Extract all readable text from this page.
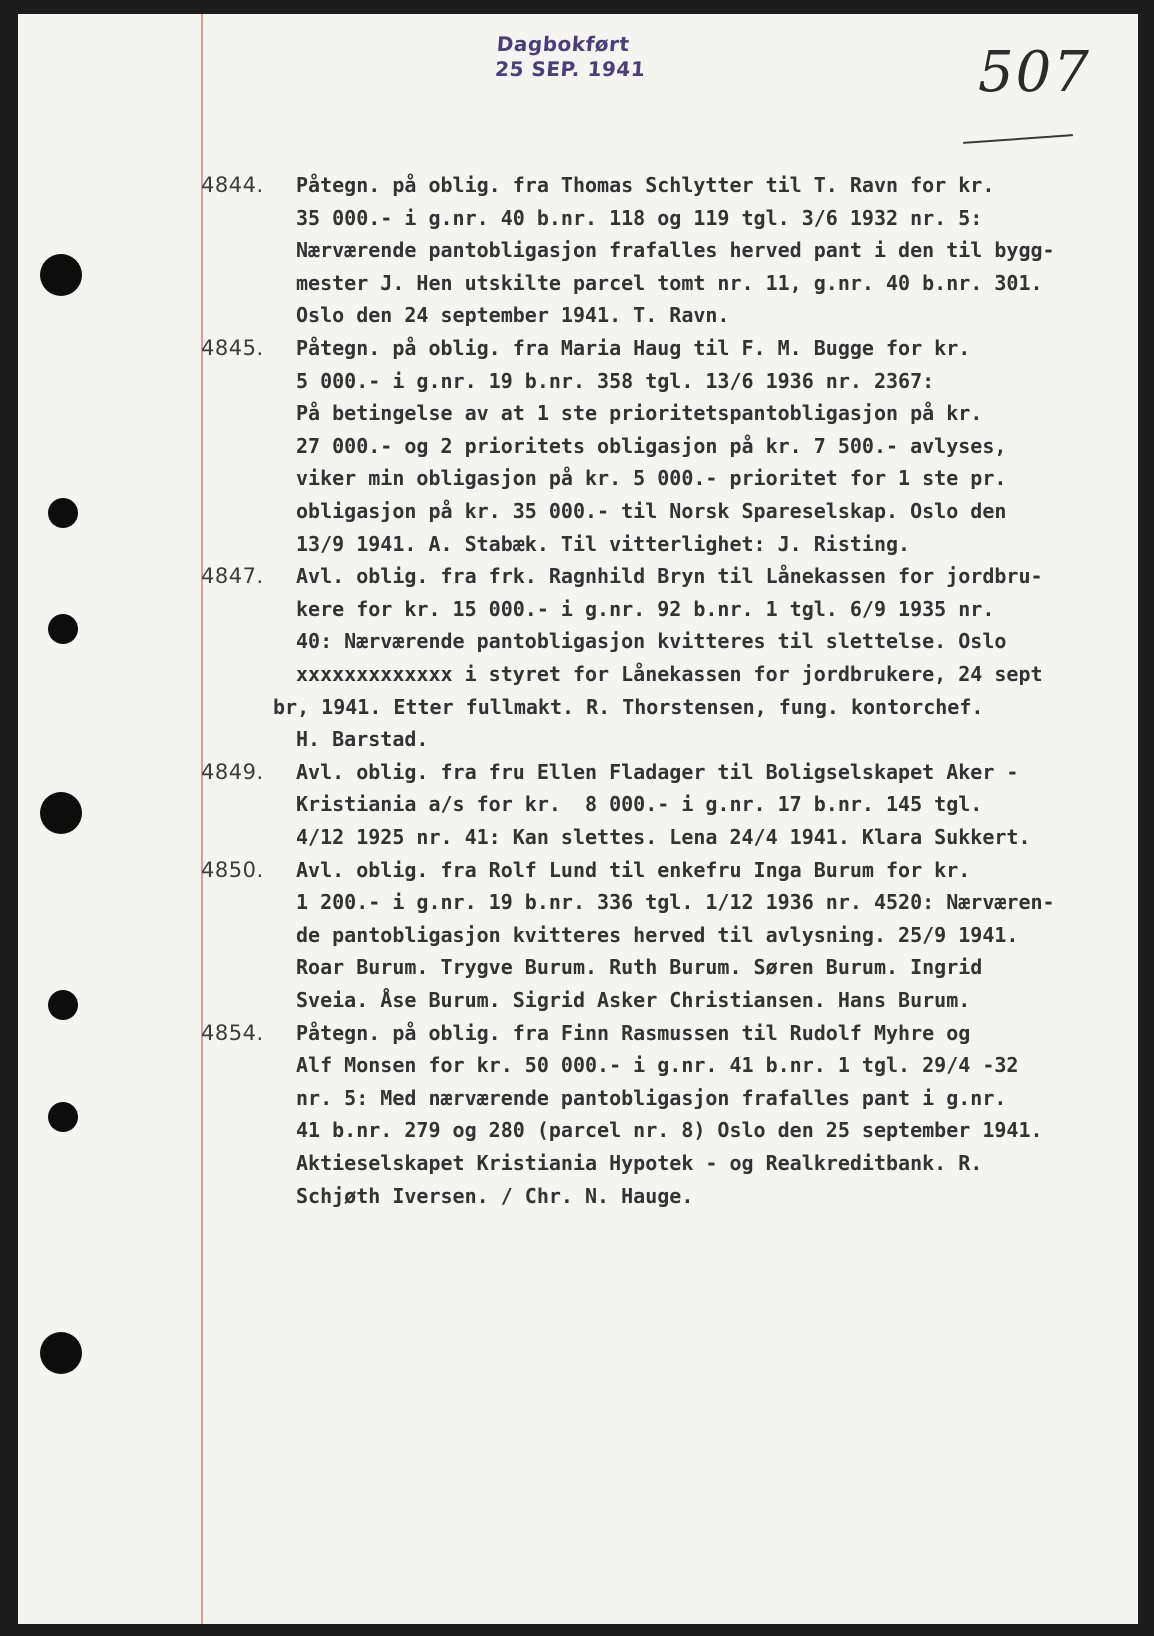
Dagbokført
25 SEP. 1941	507
4844. Påtegn. på oblig. fra Thomas Schlytter til T. Ravn for kr.
35 000.- i g.nr. 40 b.nr. 118 og 119 tgl. 3/6 1932 nr. 5:
Nærværende pantobligasjon frafalles herved pant i den til bygg-
mester J. Hen utskilte parcel tomt nr. 11, g.nr. 40 b.nr. 301.
Oslo den 24 september 1941. T. Ravn.
4845. Påtegn. på oblig. fra Maria Haug til F. M. Bugge for kr.
5 000.- i g.nr. 19 b.nr. 358 tgl. 13/6 1936 nr. 2367:
På betingelse av at 1 ste prioritetspantobligasjon på kr.
27 000.- og 2 prioritets obligasjon på kr. 7 500.- avlyses,
viker min obligasjon på kr. 5 000.- prioritet for 1 ste pr.
obligasjon på kr. 35 000.- til Norsk Spareselskap. Oslo den
13/9 1941. A. Stabæk. Til vitterlighet: J. Risting.
4847. Avl. oblig. fra frk. Ragnhild Bryn til Lånekassen for jordbru-
kere for kr. 15 000.- i g.nr. 92 b.nr. 1 tgl. 6/9 1935 nr.
40: Nærværende pantobligasjon kvitteres til slettelse. Oslo
xxxxxxxxxxxxx i styret for Lånekassen for jordbrukere, 24 sept
br, 1941. Etter fullmakt. R. Thorstensen, fung. kontorchef.
H. Barstad.
4849. Avl. oblig. fra fru Ellen Fladager til Boligselskapet Aker -
Kristiania a/s for kr.  8 000.- i g.nr. 17 b.nr. 145 tgl.
4/12 1925 nr. 41: Kan slettes. Lena 24/4 1941. Klara Sukkert.
4850. Avl. oblig. fra Rolf Lund til enkefru Inga Burum for kr.
1 200.- i g.nr. 19 b.nr. 336 tgl. 1/12 1936 nr. 4520: Nærværen-
de pantobligasjon kvitteres herved til avlysning. 25/9 1941.
Roar Burum. Trygve Burum. Ruth Burum. Søren Burum. Ingrid
Sveia. Åse Burum. Sigrid Asker Christiansen. Hans Burum.
4854. Påtegn. på oblig. fra Finn Rasmussen til Rudolf Myhre og
Alf Monsen for kr. 50 000.- i g.nr. 41 b.nr. 1 tgl. 29/4 -32
nr. 5: Med nærværende pantobligasjon frafalles pant i g.nr.
41 b.nr. 279 og 280 (parcel nr. 8) Oslo den 25 september 1941.
Aktieselskapet Kristiania Hypotek - og Realkreditbank. R.
Schjøth Iversen. / Chr. N. Hauge.
